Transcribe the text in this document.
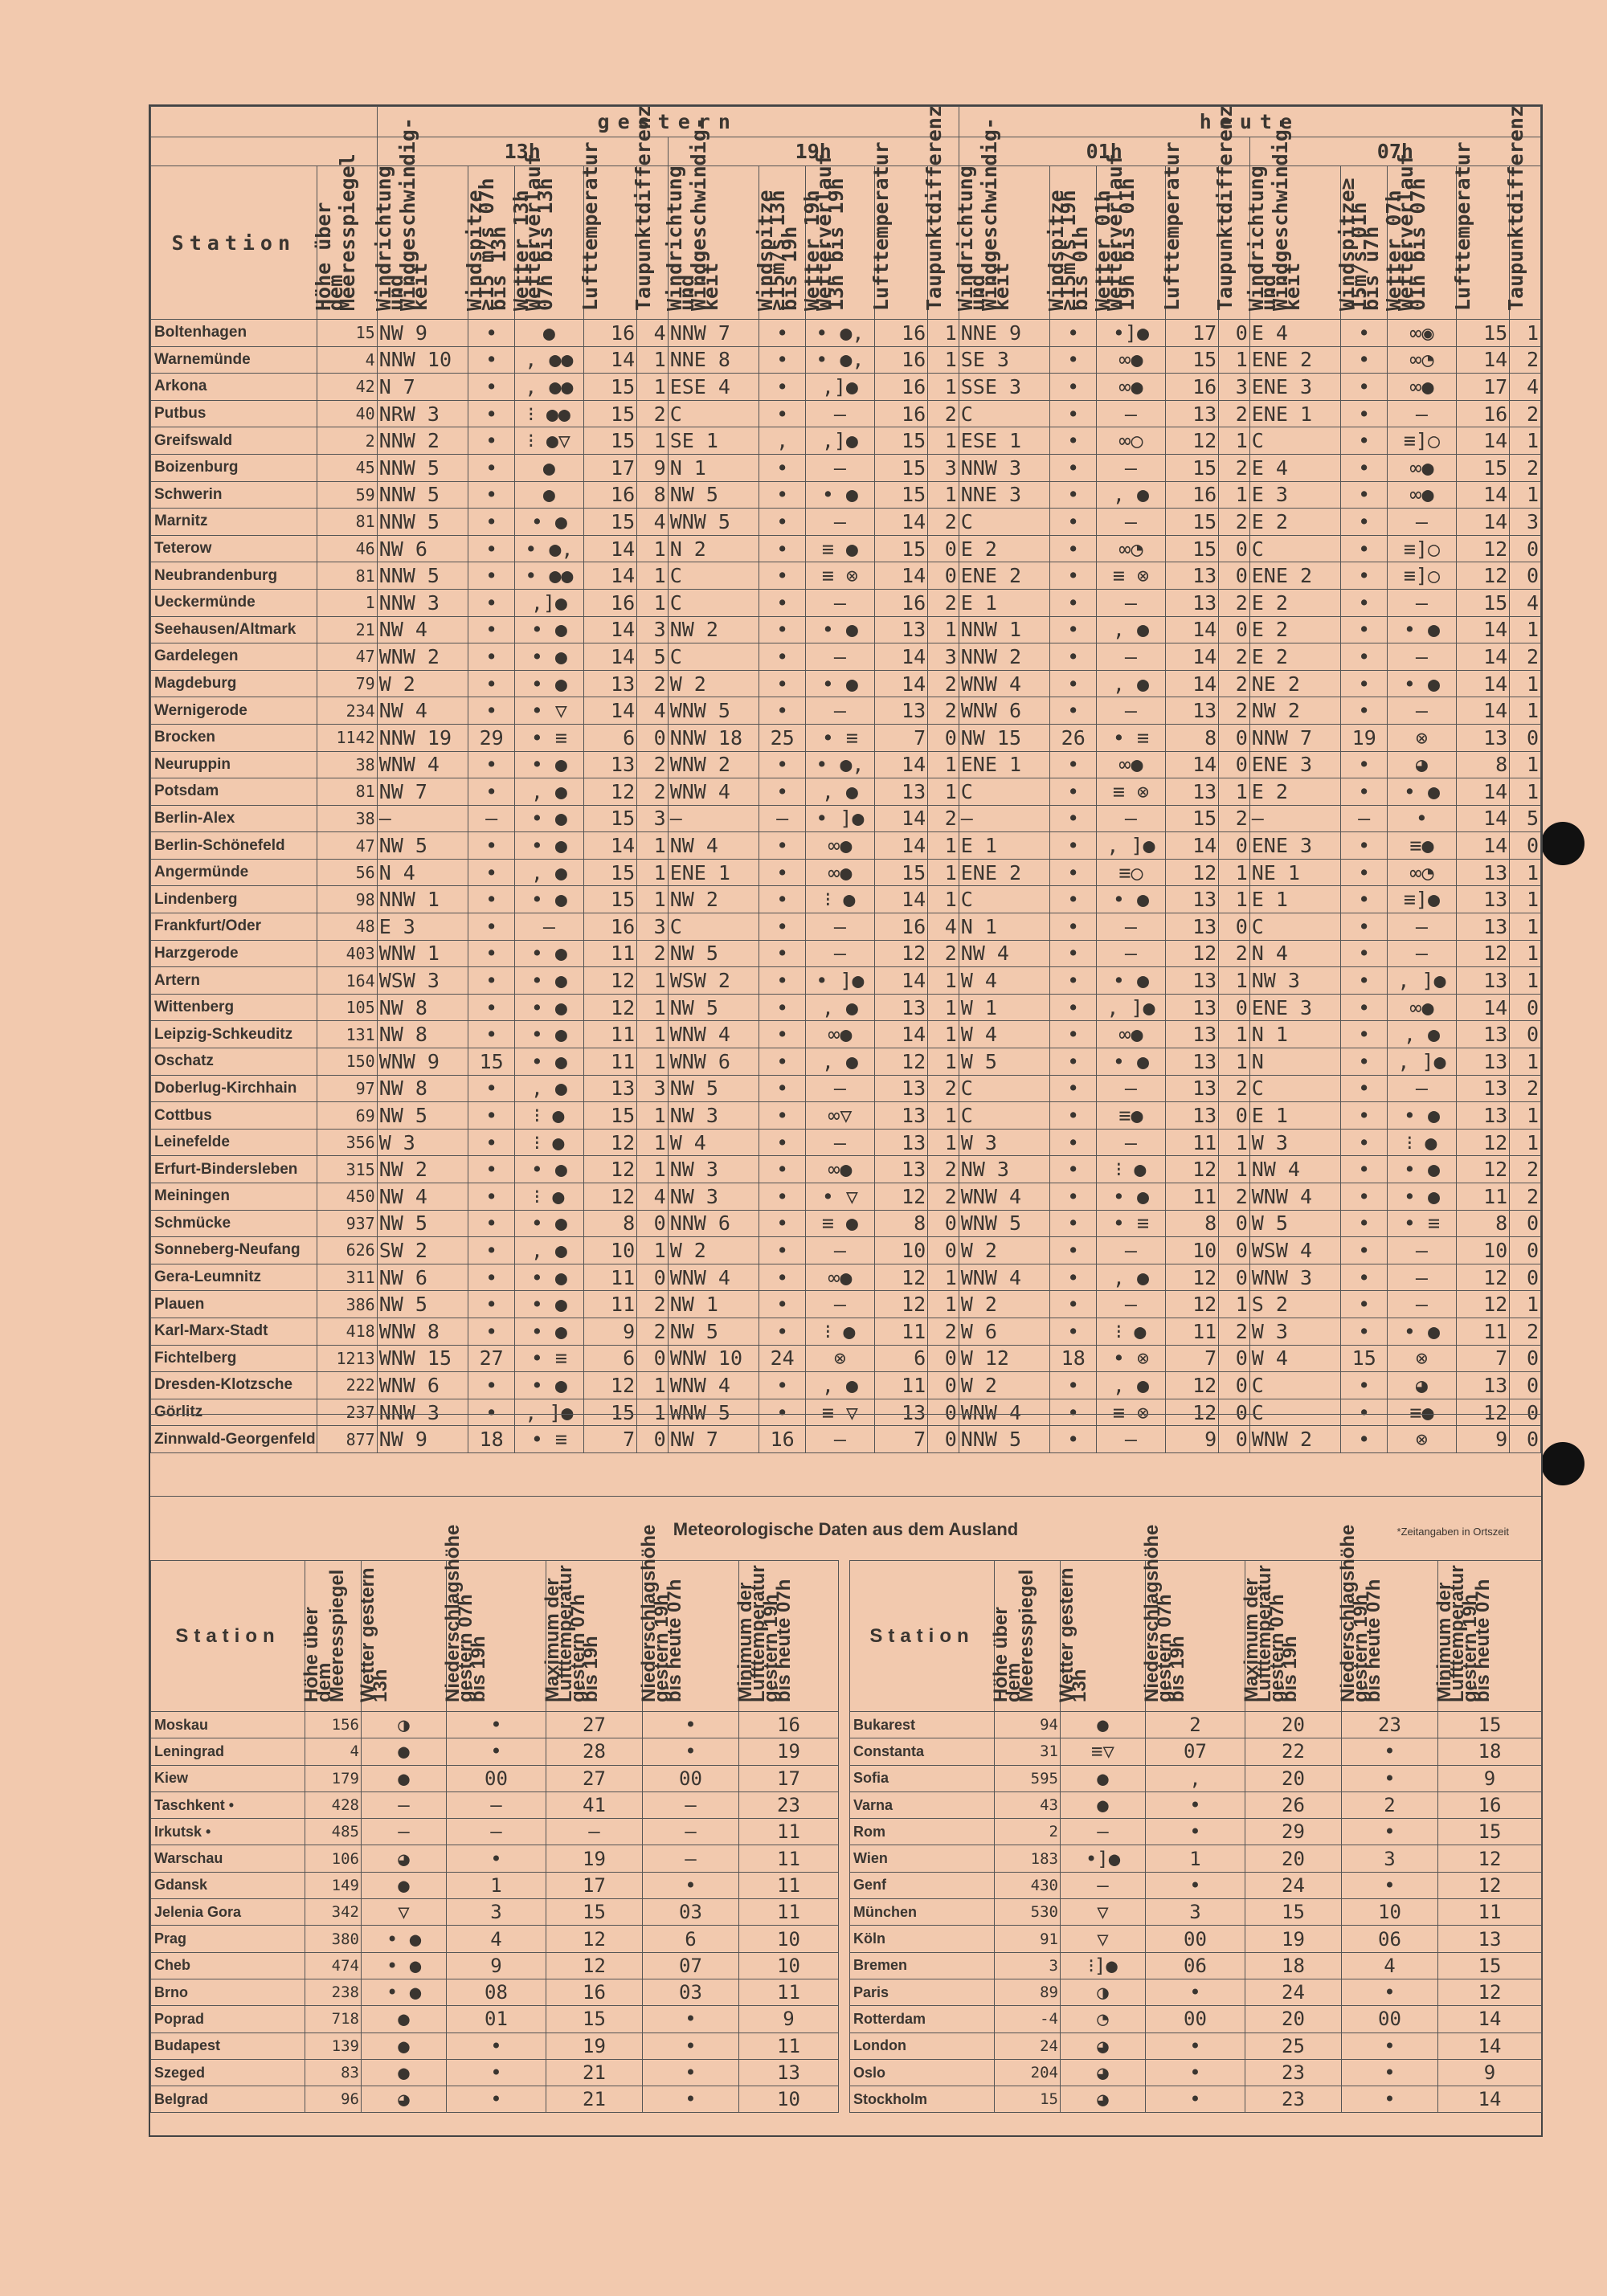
		gestern										heute									
		13h					19h					01h					07h				
Station	Höhe über dem Meeresspiegel	Windrichtung und Windgeschwindig-keit	Windspitze ≥15 m/s 07h bis 13h	Wetter 13h Wetterverlauf 07h bis 13h	Lufttemperatur	Taupunktdifferenz	Windrichtung und Windgeschwindig-keit	Windspitze ≥15m/s 13h bis 19h	Wetter 19h Wetterverlauf 13h bis 19h	Lufttemperatur	Taupunktdifferenz	Windrichtung und Windgeschwindig-keit	Windspitze ≥15m/s 19h bis 01h	Wetter 01h Wetterverlauf 19h bis 01h	Lufttemperatur	Taupunktdifferenz	Windrichtung und Windgeschwindig-keit	Windspitze≥ 15m/s 01h bis u7h	Wetter 07h Wetterverlauf 01h bis 07h	Lufttemperatur	Taupunktdifferenz
Boltenhagen	15	NW 9	•	●	16	4	NNW 7	•	• ●,	16	1	NNE 9	•	•]●	17	0	E 4	•	∞◉	15	1
Warnemünde	4	NNW 10	•	, ●●	14	1	NNE 8	•	• ●,	16	1	SE 3	•	∞●	15	1	ENE 2	•	∞◔	14	2
Arkona	42	N 7	•	, ●●	15	1	ESE 4	•	,]●	16	1	SSE 3	•	∞●	16	3	ENE 3	•	∞●	17	4
Putbus	40	NRW 3	•	⁝ ●●	15	2	C	•	–	16	2	C	•	–	13	2	ENE 1	•	–	16	2
Greifswald	2	NNW 2	•	⁝ ●▽	15	1	SE 1	,	,]●	15	1	ESE 1	•	∞○	12	1	C	•	≡]○	14	1
Boizenburg	45	NNW 5	•	●	17	9	N 1	•	–	15	3	NNW 3	•	–	15	2	E 4	•	∞●	15	2
Schwerin	59	NNW 5	•	●	16	8	NW 5	•	• ●	15	1	NNE 3	•	, ●	16	1	E 3	•	∞●	14	1
Marnitz	81	NNW 5	•	• ●	15	4	WNW 5	•	–	14	2	C	•	–	15	2	E 2	•	–	14	3
Teterow	46	NW 6	•	• ●,	14	1	N 2	•	≡ ●	15	0	E 2	•	∞◔	15	0	C	•	≡]○	12	0
Neubrandenburg	81	NNW 5	•	• ●●	14	1	C	•	≡ ⊗	14	0	ENE 2	•	≡ ⊗	13	0	ENE 2	•	≡]○	12	0
Ueckermünde	1	NNW 3	•	,]●	16	1	C	•	–	16	2	E 1	•	–	13	2	E 2	•	–	15	4
Seehausen/Altmark	21	NW 4	•	• ●	14	3	NW 2	•	• ●	13	1	NNW 1	•	, ●	14	0	E 2	•	• ●	14	1
Gardelegen	47	WNW 2	•	• ●	14	5	C	•	–	14	3	NNW 2	•	–	14	2	E 2	•	–	14	2
Magdeburg	79	W 2	•	• ●	13	2	W 2	•	• ●	14	2	WNW 4	•	, ●	14	2	NE 2	•	• ●	14	1
Wernigerode	234	NW 4	•	• ▽	14	4	WNW 5	•	–	13	2	WNW 6	•	–	13	2	NW 2	•	–	14	1
Brocken	1142	NNW 19	29	• ≡	6	0	NNW 18	25	• ≡	7	0	NW 15	26	• ≡	8	0	NNW 7	19	⊗	13	0
Neuruppin	38	WNW 4	•	• ●	13	2	WNW 2	•	• ●,	14	1	ENE 1	•	∞●	14	0	ENE 3	•	◕	8	1
Potsdam	81	NW 7	•	, ●	12	2	WNW 4	•	, ●	13	1	C	•	≡ ⊗	13	1	E 2	•	• ●	14	1
Berlin-Alex	38	–	–	• ●	15	3	–	–	• ]●	14	2	–	•	–	15	2	–	–	•	14	5
Berlin-Schönefeld	47	NW 5	•	• ●	14	1	NW 4	•	∞●	14	1	E 1	•	, ]●	14	0	ENE 3	•	≡●	14	0
Angermünde	56	N 4	•	, ●	15	1	ENE 1	•	∞●	15	1	ENE 2	•	≡○	12	1	NE 1	•	∞◔	13	1
Lindenberg	98	NNW 1	•	• ●	15	1	NW 2	•	⁝ ●	14	1	C	•	• ●	13	1	E 1	•	≡]●	13	1
Frankfurt/Oder	48	E 3	•	–	16	3	C	•	–	16	4	N 1	•	–	13	0	C	•	–	13	1
Harzgerode	403	WNW 1	•	• ●	11	2	NW 5	•	–	12	2	NW 4	•	–	12	2	N 4	•	–	12	1
Artern	164	WSW 3	•	• ●	12	1	WSW 2	•	• ]●	14	1	W 4	•	• ●	13	1	NW 3	•	, ]●	13	1
Wittenberg	105	NW 8	•	• ●	12	1	NW 5	•	, ●	13	1	W 1	•	, ]●	13	0	ENE 3	•	∞●	14	0
Leipzig-Schkeuditz	131	NW 8	•	• ●	11	1	WNW 4	•	∞●	14	1	W 4	•	∞●	13	1	N 1	•	, ●	13	0
Oschatz	150	WNW 9	15	• ●	11	1	WNW 6	•	, ●	12	1	W 5	•	• ●	13	1	N	•	, ]●	13	1
Doberlug-Kirchhain	97	NW 8	•	, ●	13	3	NW 5	•	–	13	2	C	•	–	13	2	C	•	–	13	2
Cottbus	69	NW 5	•	⁝ ●	15	1	NW 3	•	∞▽	13	1	C	•	≡●	13	0	E 1	•	• ●	13	1
Leinefelde	356	W 3	•	⁝ ●	12	1	W 4	•	–	13	1	W 3	•	–	11	1	W 3	•	⁝ ●	12	1
Erfurt-Bindersleben	315	NW 2	•	• ●	12	1	NW 3	•	∞●	13	2	NW 3	•	⁝ ●	12	1	NW 4	•	• ●	12	2
Meiningen	450	NW 4	•	⁝ ●	12	4	NW 3	•	• ▽	12	2	WNW 4	•	• ●	11	2	WNW 4	•	• ●	11	2
Schmücke	937	NW 5	•	• ●	8	0	NNW 6	•	≡ ●	8	0	WNW 5	•	• ≡	8	0	W 5	•	• ≡	8	0
Sonneberg-Neufang	626	SW 2	•	, ●	10	1	W 2	•	–	10	0	W 2	•	–	10	0	WSW 4	•	–	10	0
Gera-Leumnitz	311	NW 6	•	• ●	11	0	WNW 4	•	∞●	12	1	WNW 4	•	, ●	12	0	WNW 3	•	–	12	0
Plauen	386	NW 5	•	• ●	11	2	NW 1	•	–	12	1	W 2	•	–	12	1	S 2	•	–	12	1
Karl-Marx-Stadt	418	WNW 8	•	• ●	9	2	NW 5	•	⁝ ●	11	2	W 6	•	⁝ ●	11	2	W 3	•	• ●	11	2
Fichtelberg	1213	WNW 15	27	• ≡	6	0	WNW 10	24	⊗	6	0	W 12	18	• ⊗	7	0	W 4	15	⊗	7	0
Dresden-Klotzsche	222	WNW 6	•	• ●	12	1	WNW 4	•	, ●	11	0	W 2	•	, ●	12	0	C	•	◕	13	0
Görlitz	237	NNW 3	•	, ]●	15	1	WNW 5	•	≡ ▽	13	0	WNW 4	•	≡ ⊗	12	0	C	•	≡●	12	0
Zinnwald-Georgenfeld	877	NW 9	18	• ≡	7	0	NW 7	16	–	7	0	NNW 5	•	–	9	0	WNW 2	•	⊗	9	0
Meteorologische Daten aus dem Ausland	*Zeitangaben in Ortszeit
Station	Höhe über dem Meeresspiegel	Wetter gestern 13h	Niederschlagshöhe gestern 07h bis 19h	Maximum der Lufttemperatur gestern 07h bis 19h	Niederschlagshöhe gestern 19h bis heute 07h	Minimum der Lufttemperatur gestern 19h bis heute 07h		Station	Höhe über dem Meeresspiegel	Wetter gestern 13h	Niederschlagshöhe gestern 07h bis 19h	Maximum der Lufttemperatur gestern 07h bis 19h	Niederschlagshöhe gestern 19h bis heute 07h	Minimum der Lufttemperatur gestern 19h bis heute 07h
Moskau	156	◑	•	27	•	16		Bukarest	94	●	2	20	23	15
Leningrad	4	●	•	28	•	19		Constanta	31	≡▽	07	22	•	18
Kiew	179	●	00	27	00	17		Sofia	595	●	,	20	•	9
Taschkent •	428	–	–	41	–	23		Varna	43	●	•	26	2	16
Irkutsk •	485	–	–	–	–	11		Rom	2	–	•	29	•	15
Warschau	106	◕	•	19	–	11		Wien	183	•]●	1	20	3	12
Gdansk	149	●	1	17	•	11		Genf	430	–	•	24	•	12
Jelenia Gora	342	▽	3	15	03	11		München	530	▽	3	15	10	11
Prag	380	• ●	4	12	6	10		Köln	91	▽	00	19	06	13
Cheb	474	• ●	9	12	07	10		Bremen	3	⁝]●	06	18	4	15
Brno	238	• ●	08	16	03	11		Paris	89	◑	•	24	•	12
Poprad	718	●	01	15	•	9		Rotterdam	-4	◔	00	20	00	14
Budapest	139	●	•	19	•	11		London	24	◕	•	25	•	14
Szeged	83	●	•	21	•	13		Oslo	204	◕	•	23	•	9
Belgrad	96	◕	•	21	•	10		Stockholm	15	◕	•	23	•	14
